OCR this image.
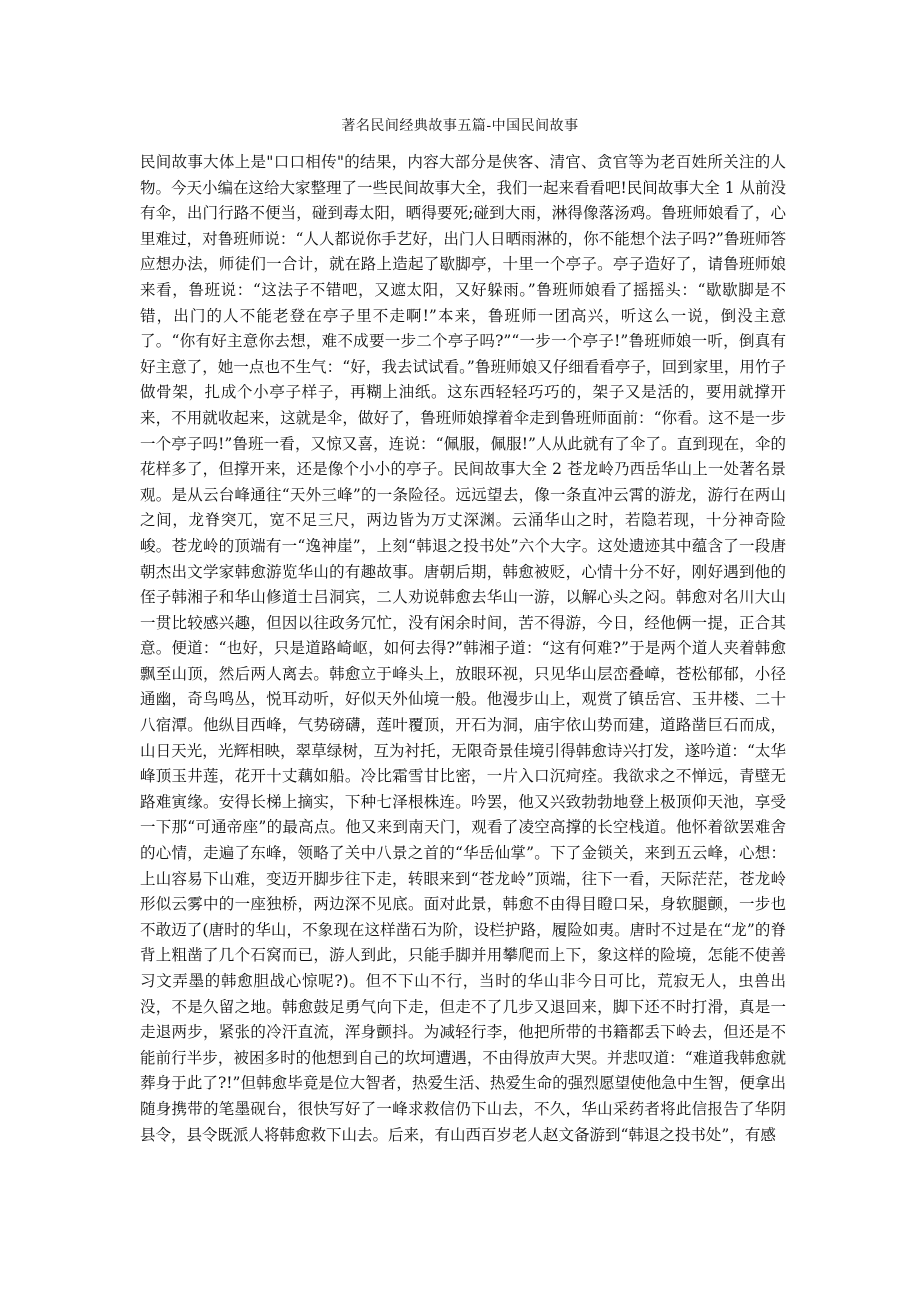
著名民间经典故事五篇-中国民间故事

民间故事大体上是"口口相传"的结果，内容大部分是侠客、清官、贪官等为老百姓所关注的人物。今天小编在这给大家整理了一些民间故事大全，我们一起来看看吧!民间故事大全 1 从前没有伞，出门行路不便当，碰到毒太阳，晒得要死;碰到大雨，淋得像落汤鸡。鲁班师娘看了，心里难过，对鲁班师说：“人人都说你手艺好，出门人日晒雨淋的，你不能想个法子吗?”鲁班师答应想办法，师徒们一合计，就在路上造起了歇脚亭，十里一个亭子。亭子造好了，请鲁班师娘来看，鲁班说：“这法子不错吧，又遮太阳，又好躲雨。”鲁班师娘看了摇摇头：“歇歇脚是不错，出门的人不能老登在亭子里不走啊!”本来，鲁班师一团高兴，听这么一说，倒没主意了。“你有好主意你去想，难不成要一步二个亭子吗?”“一步一个亭子!”鲁班师娘一听，倒真有好主意了，她一点也不生气：“好，我去试试看。”鲁班师娘又仔细看看亭子，回到家里，用竹子做骨架，扎成个小亭子样子，再糊上油纸。这东西轻轻巧巧的，架子又是活的，要用就撑开来，不用就收起来，这就是伞，做好了，鲁班师娘撑着伞走到鲁班师面前：“你看。这不是一步一个亭子吗!”鲁班一看，又惊又喜，连说：“佩服，佩服!”人从此就有了伞了。直到现在，伞的花样多了，但撑开来，还是像个小小的亭子。民间故事大全 2 苍龙岭乃西岳华山上一处著名景观。是从云台峰通往“天外三峰”的一条险径。远远望去，像一条直冲云霄的游龙，游行在两山之间，龙脊突兀，宽不足三尺，两边皆为万丈深渊。云涌华山之时，若隐若现，十分神奇险峻。苍龙岭的顶端有一“逸神崖”，上刻“韩退之投书处”六个大字。这处遗迹其中蕴含了一段唐朝杰出文学家韩愈游览华山的有趣故事。唐朝后期，韩愈被贬，心情十分不好，刚好遇到他的侄子韩湘子和华山修道士吕洞宾，二人劝说韩愈去华山一游，以解心头之闷。韩愈对名川大山一贯比较感兴趣，但因以往政务冗忙，没有闲余时间，苦不得游，今日，经他俩一提，正合其意。便道：“也好，只是道路崎岖，如何去得?”韩湘子道：“这有何难?”于是两个道人夹着韩愈飘至山顶，然后两人离去。韩愈立于峰头上，放眼环视，只见华山层峦叠嶂，苍松郁郁，小径通幽，奇鸟鸣丛，悦耳动听，好似天外仙境一般。他漫步山上，观赏了镇岳宫、玉井楼、二十八宿潭。他纵目西峰，气势磅礴，莲叶覆顶，开石为洞，庙宇依山势而建，道路凿巨石而成，山日天光，光辉相映，翠草绿树，互为衬托，无限奇景佳境引得韩愈诗兴打发，遂吟道：“太华峰顶玉井莲，花开十丈藕如船。冷比霜雪甘比密，一片入口沉疴痊。我欲求之不惮远，青壁无路难寅缘。安得长梯上摘实，下种七泽根株连。吟罢，他又兴致勃勃地登上极顶仰天池，享受一下那“可通帝座”的最高点。他又来到南天门，观看了凌空高撑的长空栈道。他怀着欲罢难舍的心情，走遍了东峰，领略了关中八景之首的“华岳仙掌”。下了金锁关，来到五云峰，心想：上山容易下山难，变迈开脚步往下走，转眼来到“苍龙岭”顶端，往下一看，天际茫茫，苍龙岭形似云雾中的一座独桥，两边深不见底。面对此景，韩愈不由得目瞪口呆，身软腿颤，一步也不敢迈了(唐时的华山，不象现在这样凿石为阶，设栏护路，履险如夷。唐时不过是在“龙”的脊背上粗凿了几个石窝而已，游人到此，只能手脚并用攀爬而上下，象这样的险境，怎能不使善习文弄墨的韩愈胆战心惊呢?)。但不下山不行，当时的华山非今日可比，荒寂无人，虫兽出没，不是久留之地。韩愈鼓足勇气向下走，但走不了几步又退回来，脚下还不时打滑，真是一走退两步，紧张的冷汗直流，浑身颤抖。为减轻行李，他把所带的书籍都丢下岭去，但还是不能前行半步，被困多时的他想到自己的坎坷遭遇，不由得放声大哭。并悲叹道：“难道我韩愈就葬身于此了?!”但韩愈毕竟是位大智者，热爱生活、热爱生命的强烈愿望使他急中生智，便拿出随身携带的笔墨砚台，很快写好了一峰求救信仍下山去，不久，华山采药者将此信报告了华阴县令，县令既派人将韩愈救下山去。后来，有山西百岁老人赵文备游到“韩退之投书处”，有感
